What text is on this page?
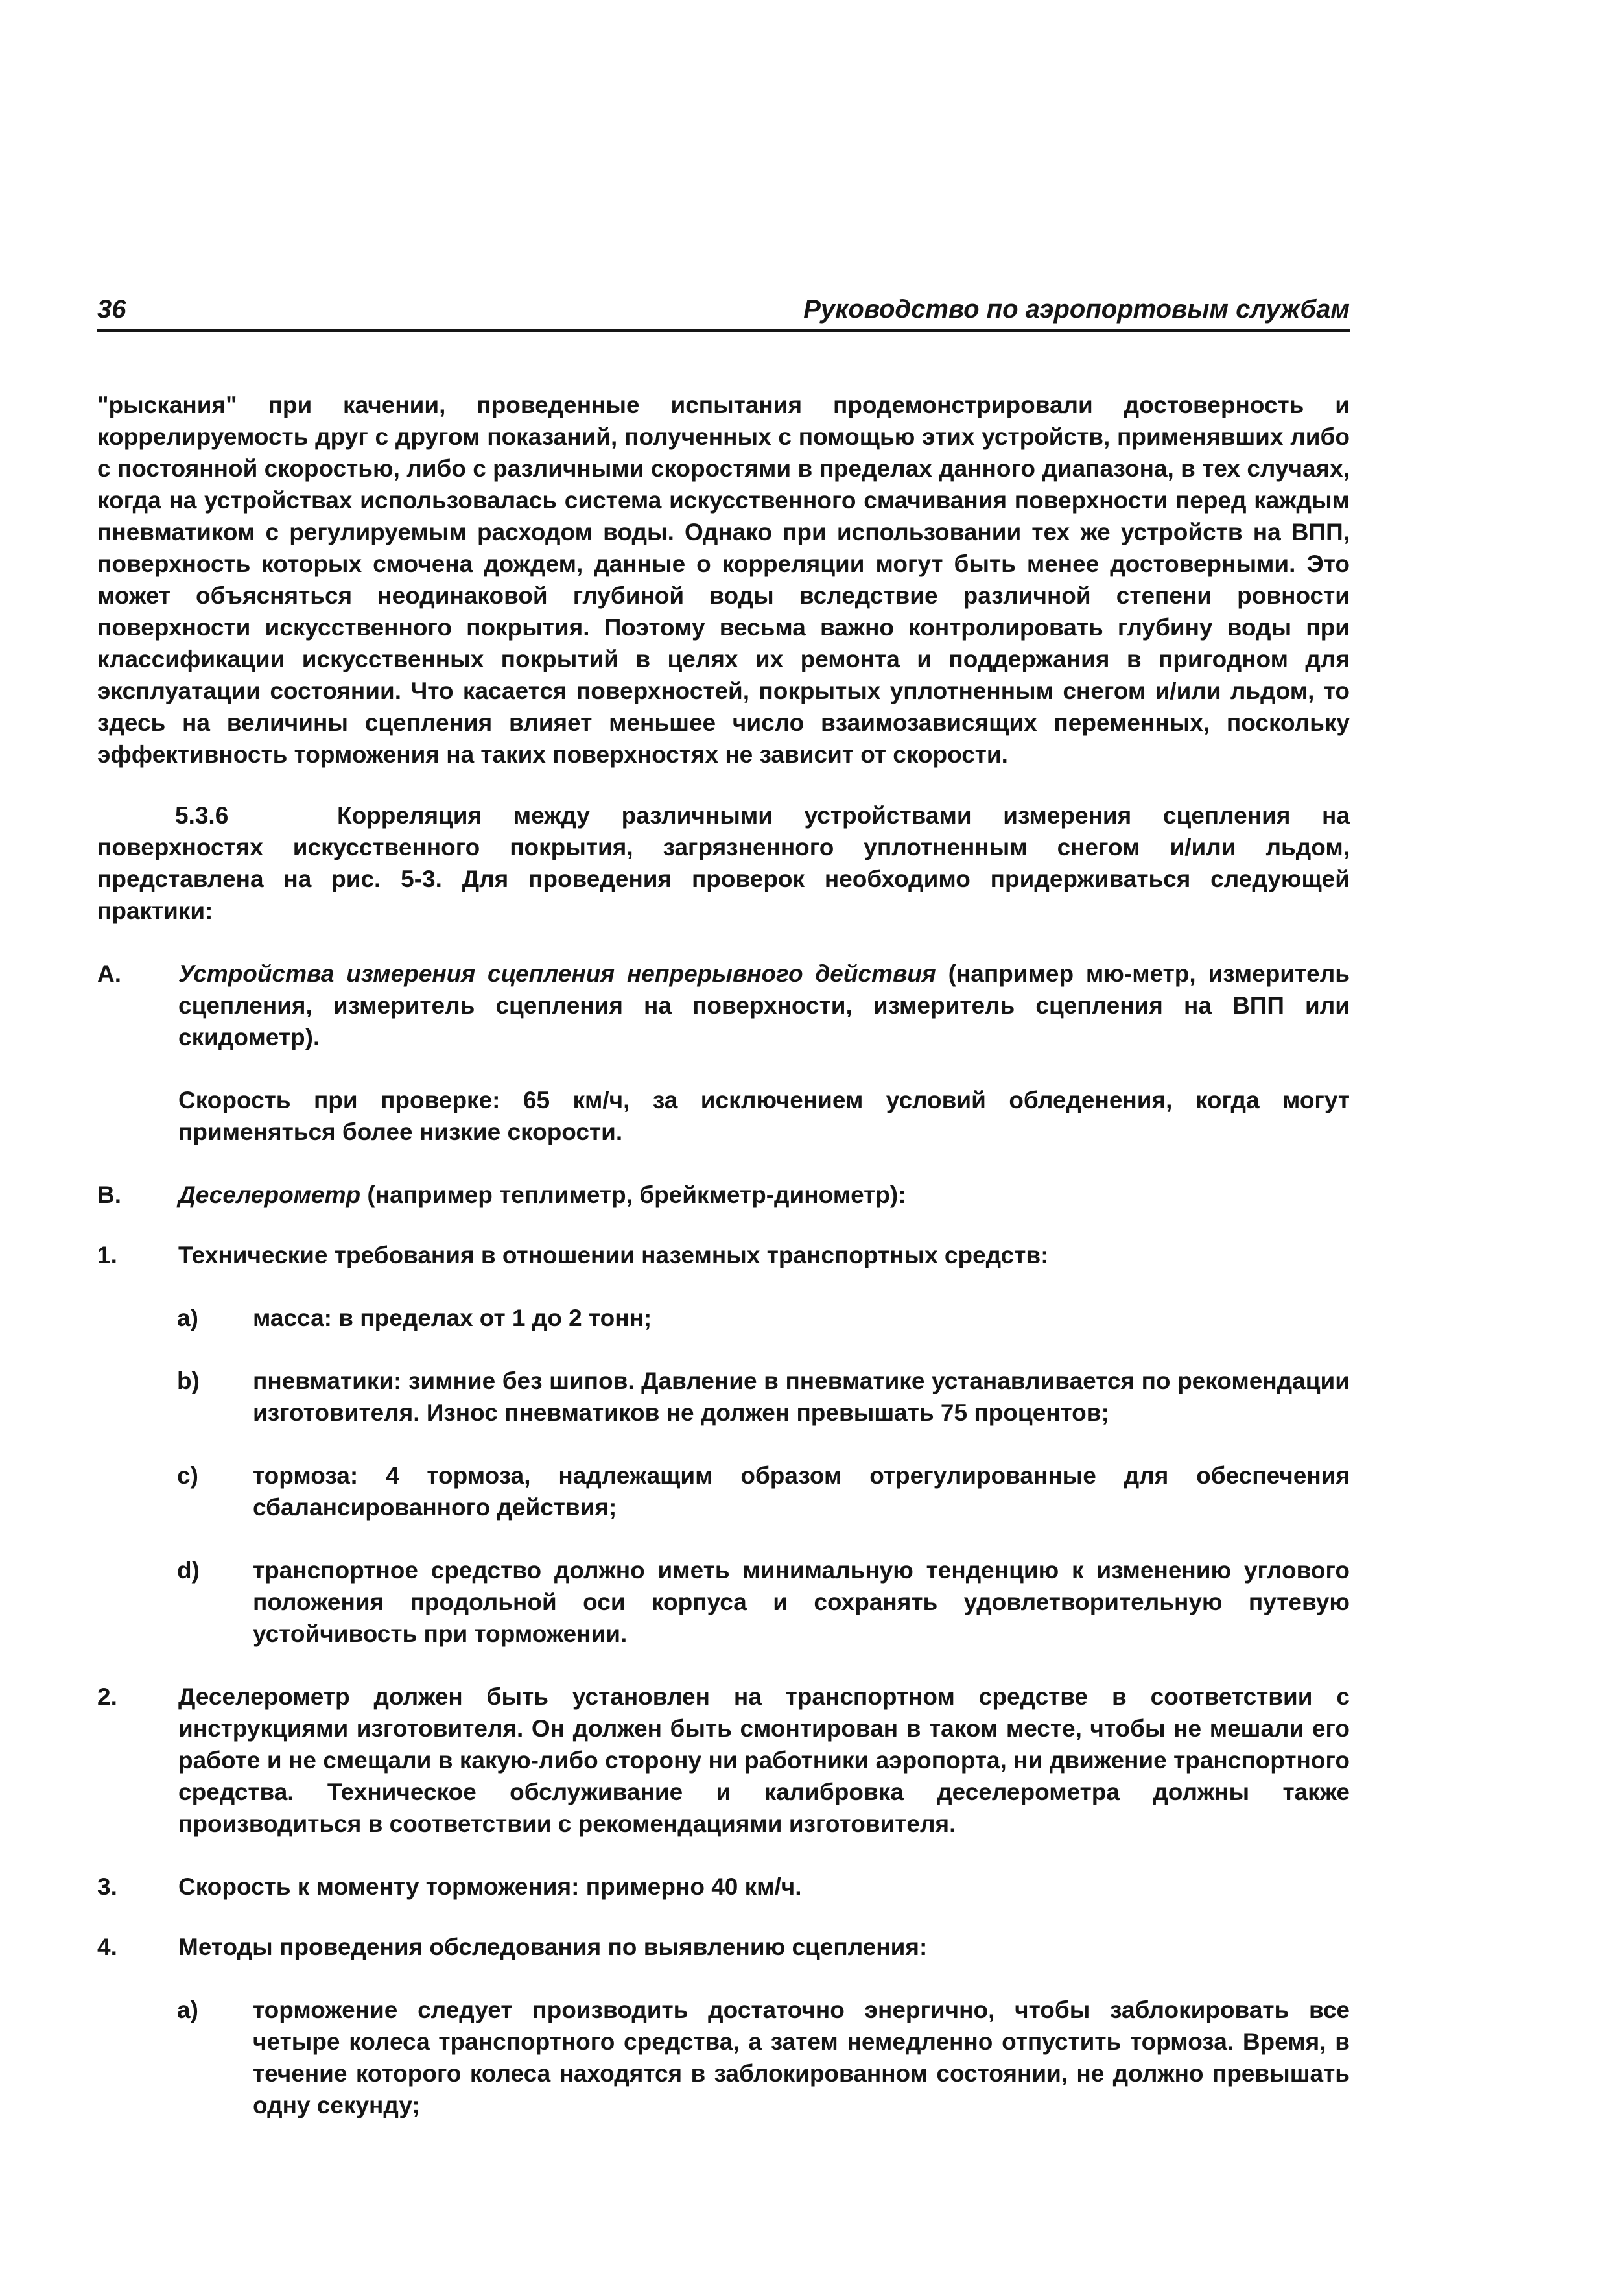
36	Руководство по аэропортовым службам

"рыскания" при качении, проведенные испытания продемонстрировали достоверность и коррелируемость друг с другом показаний, полученных с помощью этих устройств, применявших либо с постоянной скоростью, либо с различными скоростями в пределах данного диапазона, в тех случаях, когда на устройствах использовалась система искусственного смачивания поверхности перед каждым пневматиком с регулируемым расходом воды. Однако при использовании тех же устройств на ВПП, поверхность которых смочена дождем, данные о корреляции могут быть менее достоверными. Это может объясняться неодинаковой глубиной воды вследствие различной степени ровности поверхности искусственного покрытия. Поэтому весьма важно контролировать глубину воды при классификации искусственных покрытий в целях их ремонта и поддержания в пригодном для эксплуатации состоянии. Что касается поверхностей, покрытых уплотненным снегом и/или льдом, то здесь на величины сцепления влияет меньшее число взаимозависящих переменных, поскольку эффективность торможения на таких поверхностях не зависит от скорости.

5.3.6	Корреляция между различными устройствами измерения сцепления на поверхностях искусственного покрытия, загрязненного уплотненным снегом и/или льдом, представлена на рис. 5-3. Для проведения проверок необходимо придерживаться следующей практики:

A. Устройства измерения сцепления непрерывного действия (например мю-метр, измеритель сцепления, измеритель сцепления на поверхности, измеритель сцепления на ВПП или скидометр).

Скорость при проверке: 65 км/ч, за исключением условий обледенения, когда могут применяться более низкие скорости.

B. Деселерометр (например теплиметр, брейкметр-динометр):
1.	Технические требования в отношении наземных транспортных средств:
a) масса: в пределах от 1 до 2 тонн;
b) пневматики: зимние без шипов. Давление в пневматике устанавливается по рекомендации изготовителя. Износ пневматиков не должен превышать 75 процентов;
c) тормоза: 4 тормоза, надлежащим образом отрегулированные для обеспечения сбалансированного действия;
d) транспортное средство должно иметь минимальную тенденцию к изменению углового положения продольной оси корпуса и сохранять удовлетворительную путевую устойчивость при торможении.
2.	Деселерометр должен быть установлен на транспортном средстве в соответствии с инструкциями изготовителя. Он должен быть смонтирован в таком месте, чтобы не мешали его работе и не смещали в какую-либо сторону ни работники аэропорта, ни движение транспортного средства. Техническое обслуживание и калибровка деселерометра должны также производиться в соответствии с рекомендациями изготовителя.
3.	Скорость к моменту торможения: примерно 40 км/ч.
4.	Методы проведения обследования по выявлению сцепления:
a) торможение следует производить достаточно энергично, чтобы заблокировать все четыре колеса транспортного средства, а затем немедленно отпустить тормоза. Время, в течение которого колеса находятся в заблокированном состоянии, не должно превышать одну секунду;
